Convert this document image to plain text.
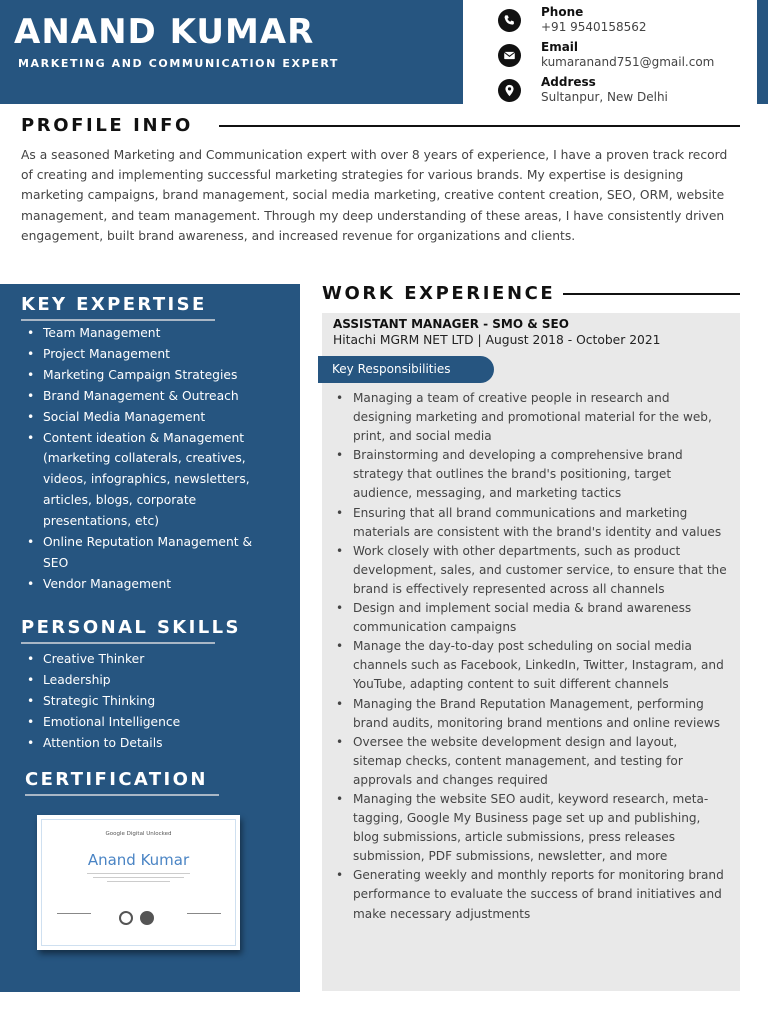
ANAND KUMAR
MARKETING AND COMMUNICATION EXPERT
Phone
+91 9540158562
Email
kumaranand751@gmail.com
Address
Sultanpur, New Delhi
PROFILE INFO

As a seasoned Marketing and Communication expert with over 8 years of experience, I have a proven track record of creating and implementing successful marketing strategies for various brands. My expertise is designing marketing campaigns, brand management, social media marketing, creative content creation, SEO, ORM, website management, and team management. Through my deep understanding of these areas, I have consistently driven engagement, built brand awareness, and increased revenue for organizations and clients.

KEY EXPERTISE
• Team Management
• Project Management
• Marketing Campaign Strategies
• Brand Management & Outreach
• Social Media Management
• Content ideation & Management (marketing collaterals, creatives, videos, infographics, newsletters, articles, blogs, corporate presentations, etc)
• Online Reputation Management & SEO
• Vendor Management
PERSONAL SKILLS
• Creative Thinker
• Leadership
• Strategic Thinking
• Emotional Intelligence
• Attention to Details
CERTIFICATION
Google Digital Unlocked
Anand Kumar
WORK EXPERIENCE
ASSISTANT MANAGER - SMO & SEO
Hitachi MGRM NET LTD | August 2018 - October 2021
Key Responsibilities
• Managing a team of creative people in research and designing marketing and promotional material for the web, print, and social media
• Brainstorming and developing a comprehensive brand strategy that outlines the brand's positioning, target audience, messaging, and marketing tactics
• Ensuring that all brand communications and marketing materials are consistent with the brand's identity and values
• Work closely with other departments, such as product development, sales, and customer service, to ensure that the brand is effectively represented across all channels
• Design and implement social media & brand awareness communication campaigns
• Manage the day-to-day post scheduling on social media channels such as Facebook, LinkedIn, Twitter, Instagram, and YouTube, adapting content to suit different channels
• Managing the Brand Reputation Management, performing brand audits, monitoring brand mentions and online reviews
• Oversee the website development design and layout, sitemap checks, content management, and testing for approvals and changes required
• Managing the website SEO audit, keyword research, meta-tagging, Google My Business page set up and publishing, blog submissions, article submissions, press releases submission, PDF submissions, newsletter, and more
• Generating weekly and monthly reports for monitoring brand performance to evaluate the success of brand initiatives and make necessary adjustments
